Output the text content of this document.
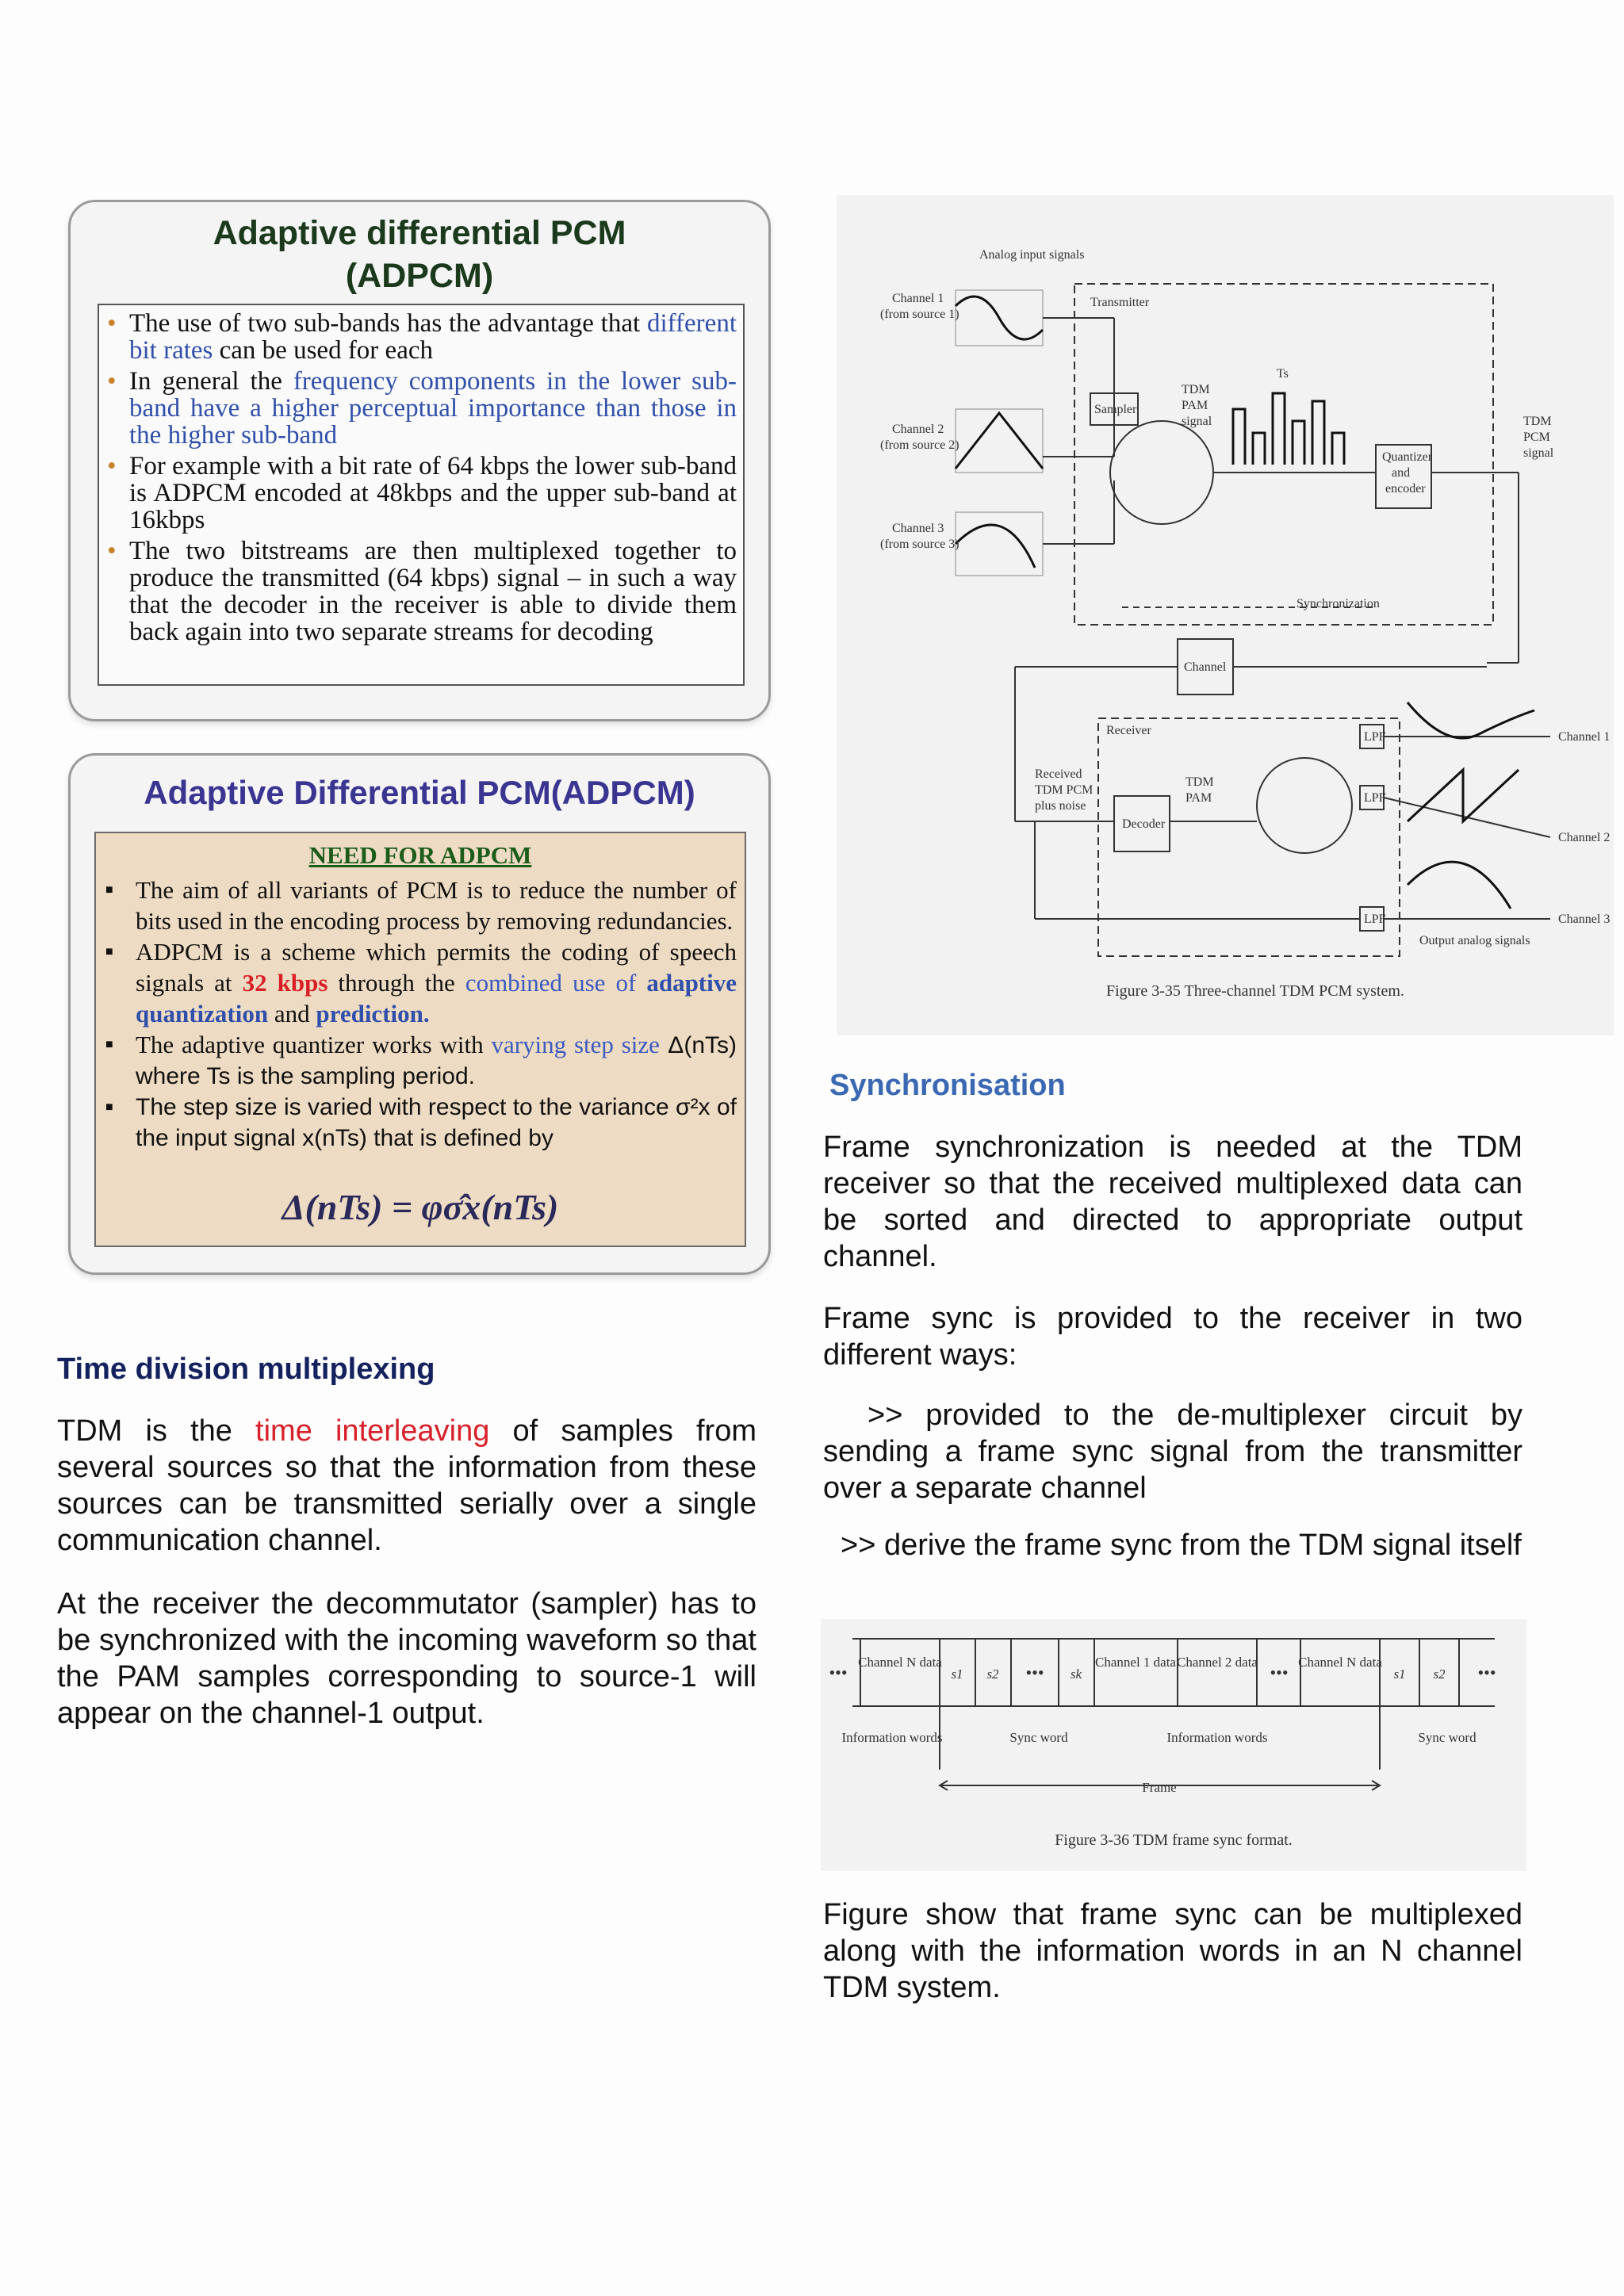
Adaptive differential PCM
(ADPCM)
• The use of two sub-bands has the advantage that different bit rates can be used for each
• In general the frequency components in the lower sub-band have a higher perceptual importance than those in the higher sub-band
• For example with a bit rate of 64 kbps the lower sub-band is ADPCM encoded at 48kbps and the upper sub-band at 16kbps
• The two bitstreams are then multiplexed together to produce the transmitted (64 kbps) signal – in such a way that the decoder in the receiver is able to divide them back again into two separate streams for decoding
Adaptive Differential PCM(ADPCM)
NEED FOR ADPCM
■ The aim of all variants of PCM is to reduce the number of bits used in the encoding process by removing redundancies.
■ ADPCM is a scheme which permits the coding of speech signals at 32 kbps through the combined use of adaptive quantization and prediction.
■ The adaptive quantizer works with varying step size Δ(nTs) where Ts is the sampling period.
■ The step size is varied with respect to the variance σ²x of the input signal x(nTs) that is defined by
Δ(nTs) = φσ̂x(nTs)
Time division multiplexing
TDM is the time interleaving of samples from several sources so that the information from these sources can be transmitted serially over a single communication channel.
At the receiver the decommutator (sampler) has to be synchronized with the incoming waveform so that the PAM samples corresponding to source-1 will appear on the channel-1 output.
Analog input signals
Channel 1
(from source 1)
Channel 2
(from source 2)
Channel 3
(from source 3)
Transmitter
Sampler
TDM
PAM
signal
Quantizer
and
encoder
TDM
PCM
signal
Synchronization
Channel
Receiver
Received
TDM PCM
plus noise
Decoder
TDM
PAM
LPF
LPF
LPF
Channel 1
Channel 2
Channel 3
Output analog signals
Ts
Figure 3-35 Three-channel TDM PCM system.
Synchronisation
Frame synchronization is needed at the TDM receiver so that the received multiplexed data can be sorted and directed to appropriate output channel.
Frame sync is provided to the receiver in two different ways:
>> provided to the de-multiplexer circuit by sending a frame sync signal from the transmitter over a separate channel
>> derive the frame sync from the TDM signal itself
Figure show that frame sync can be multiplexed along with the information words in an N channel TDM system.
•••
Channel N data
s1 s2 ••• sk
Channel 1 data Channel 2 data
•••
Channel N data
s1 s2 •••
Information words	Sync word	Information words	Sync word
Frame
Figure 3-36 TDM frame sync format.
